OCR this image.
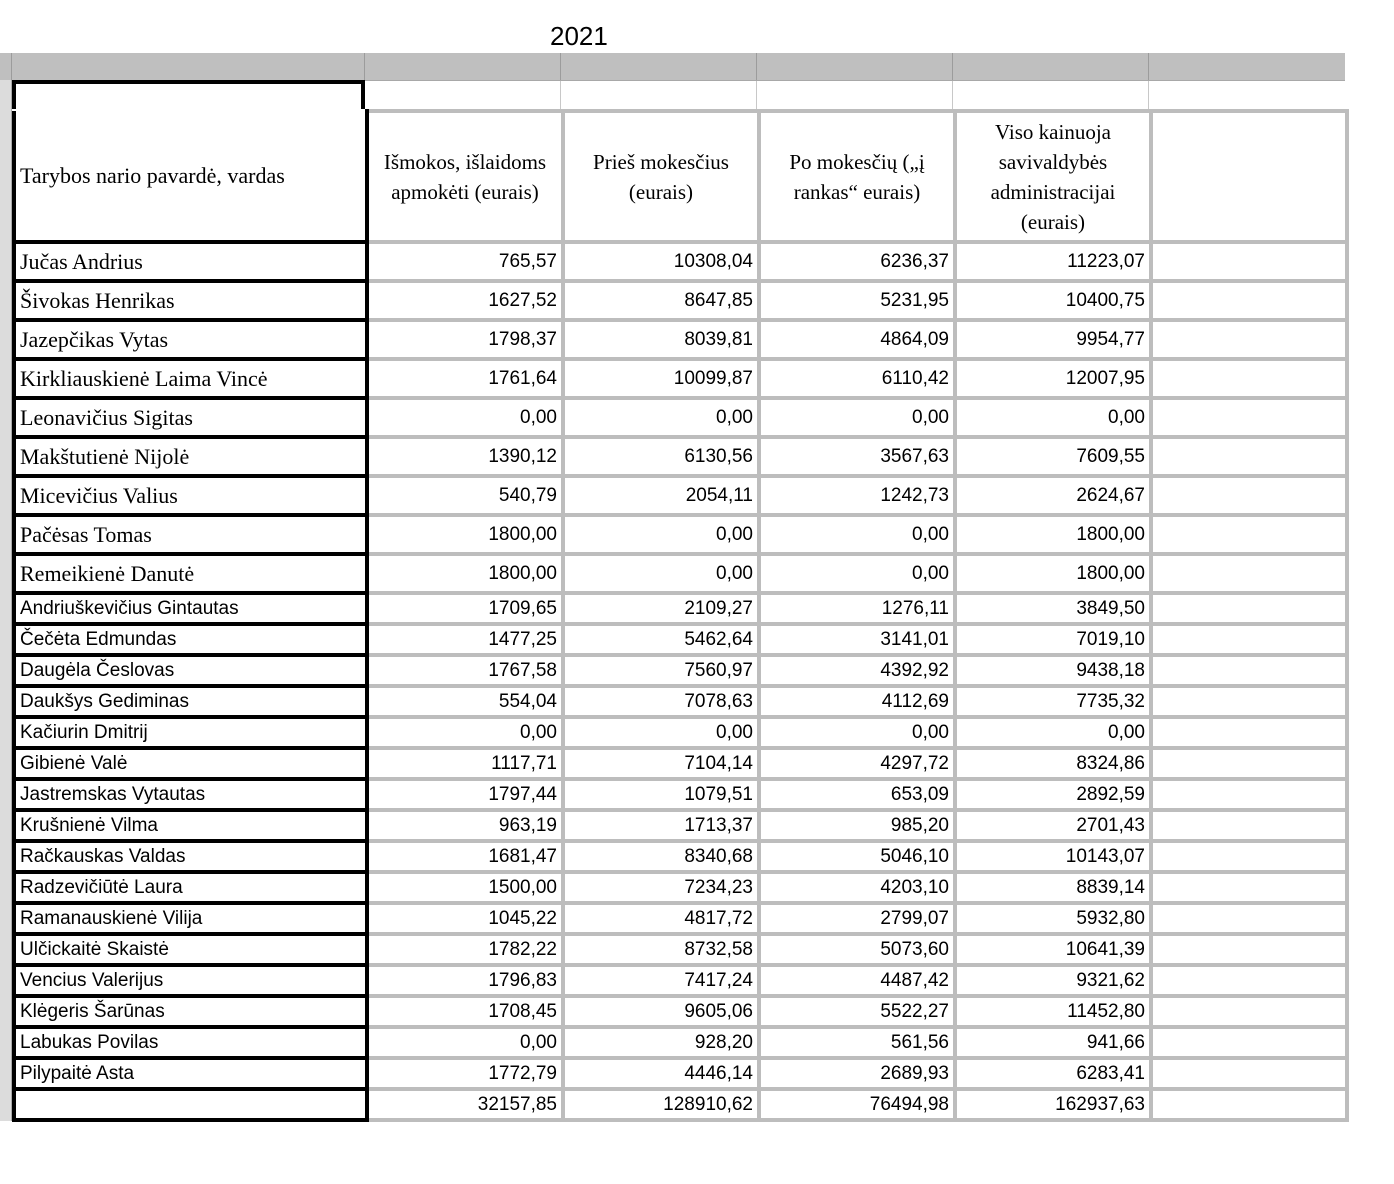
2021
Tarybos nario pavardė, vardas	Išmokos, išlaidoms apmokėti (eurais)	Prieš mokesčius (eurais)	Po mokesčių („į rankas“ eurais)	Viso kainuoja savivaldybės administracijai (eurais)	
Jučas Andrius	765,57	10308,04	6236,37	11223,07	
Šivokas Henrikas	1627,52	8647,85	5231,95	10400,75	
Jazepčikas Vytas	1798,37	8039,81	4864,09	9954,77	
Kirkliauskienė Laima Vincė	1761,64	10099,87	6110,42	12007,95	
Leonavičius Sigitas	0,00	0,00	0,00	0,00	
Makštutienė Nijolė	1390,12	6130,56	3567,63	7609,55	
Micevičius Valius	540,79	2054,11	1242,73	2624,67	
Pačėsas Tomas	1800,00	0,00	0,00	1800,00	
Remeikienė Danutė	1800,00	0,00	0,00	1800,00	
Andriuškevičius Gintautas	1709,65	2109,27	1276,11	3849,50	
Čečėta Edmundas	1477,25	5462,64	3141,01	7019,10	
Daugėla Česlovas	1767,58	7560,97	4392,92	9438,18	
Daukšys Gediminas	554,04	7078,63	4112,69	7735,32	
Kačiurin Dmitrij	0,00	0,00	0,00	0,00	
Gibienė Valė	1117,71	7104,14	4297,72	8324,86	
Jastremskas Vytautas	1797,44	1079,51	653,09	2892,59	
Krušnienė Vilma	963,19	1713,37	985,20	2701,43	
Račkauskas Valdas	1681,47	8340,68	5046,10	10143,07	
Radzevičiūtė Laura	1500,00	7234,23	4203,10	8839,14	
Ramanauskienė Vilija	1045,22	4817,72	2799,07	5932,80	
Ulčickaitė Skaistė	1782,22	8732,58	5073,60	10641,39	
Vencius Valerijus	1796,83	7417,24	4487,42	9321,62	
Klėgeris Šarūnas	1708,45	9605,06	5522,27	11452,80	
Labukas Povilas	0,00	928,20	561,56	941,66	
Pilypaitė Asta	1772,79	4446,14	2689,93	6283,41	
	32157,85	128910,62	76494,98	162937,63	
